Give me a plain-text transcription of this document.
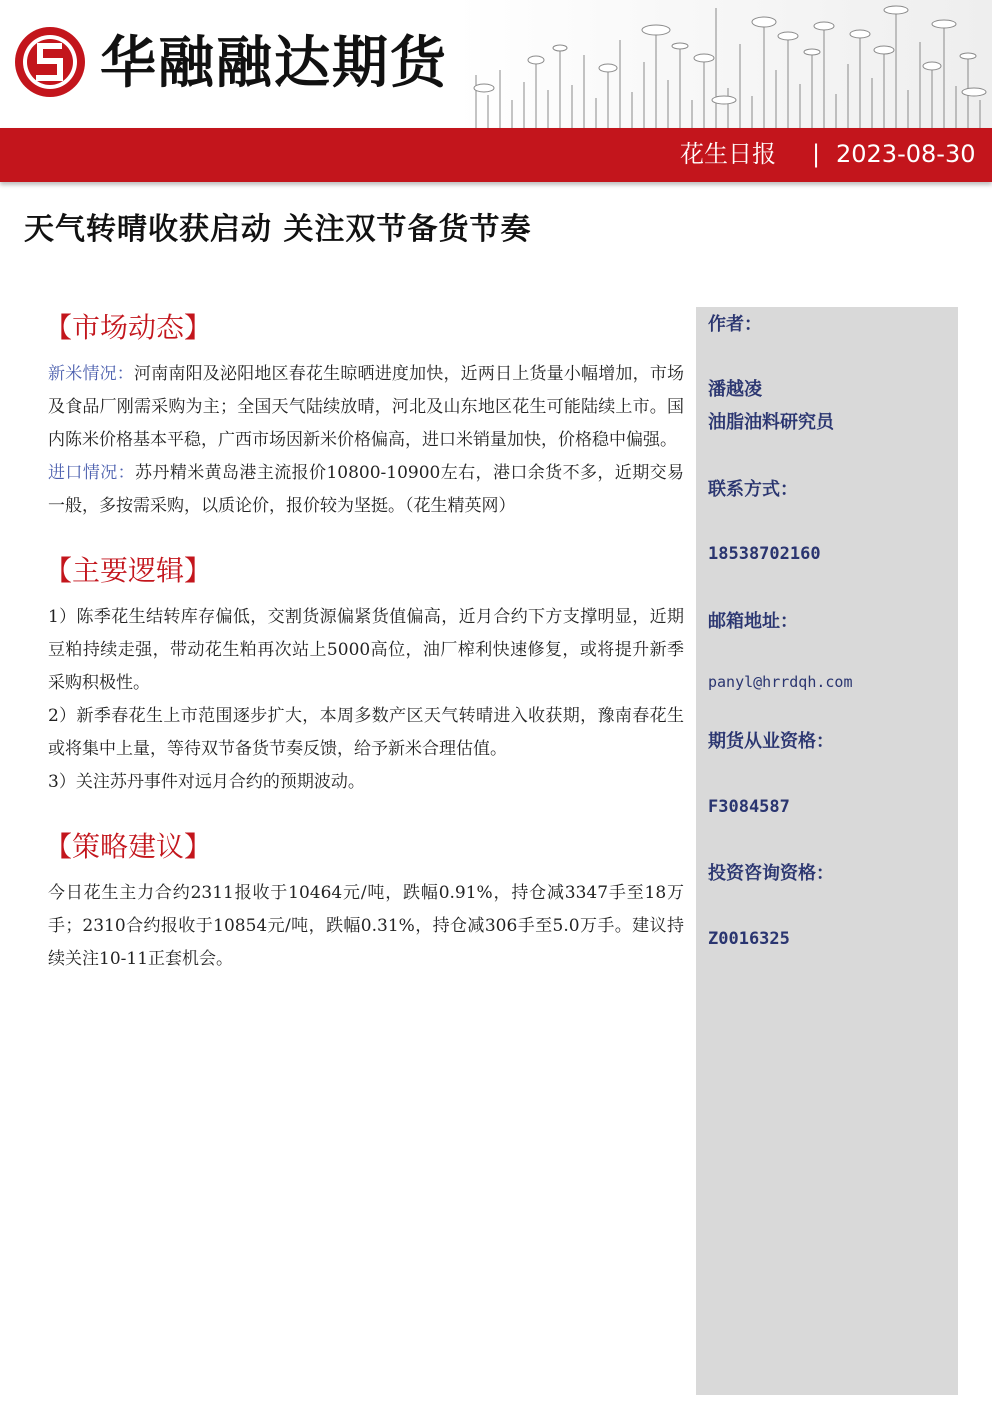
华融融达期货
花生日报 | 2023-08-30
天气转晴收获启动 关注双节备货节奏
【市场动态】

新米情况：河南南阳及泌阳地区春花生晾晒进度加快，近两日上货量小幅增加，市场及食品厂刚需采购为主；全国天气陆续放晴，河北及山东地区花生可能陆续上市。国内陈米价格基本平稳，广西市场因新米价格偏高，进口米销量加快，价格稳中偏强。

进口情况：苏丹精米黄岛港主流报价10800-10900左右，港口余货不多，近期交易一般，多按需采购，以质论价，报价较为坚挺。（花生精英网）

【主要逻辑】

1）陈季花生结转库存偏低，交割货源偏紧货值偏高，近月合约下方支撑明显，近期豆粕持续走强，带动花生粕再次站上5000高位，油厂榨利快速修复，或将提升新季采购积极性。

2）新季春花生上市范围逐步扩大，本周多数产区天气转晴进入收获期，豫南春花生或将集中上量，等待双节备货节奏反馈，给予新米合理估值。

3）关注苏丹事件对远月合约的预期波动。

【策略建议】

今日花生主力合约2311报收于10464元/吨，跌幅0.91%，持仓减3347手至18万手；2310合约报收于10854元/吨，跌幅0.31%，持仓减306手至5.0万手。建议持续关注10-11正套机会。

作者：
潘越凌
油脂油料研究员
联系方式：
18538702160
邮箱地址：
panyl@hrrdqh.com
期货从业资格：
F3084587
投资咨询资格：
Z0016325
